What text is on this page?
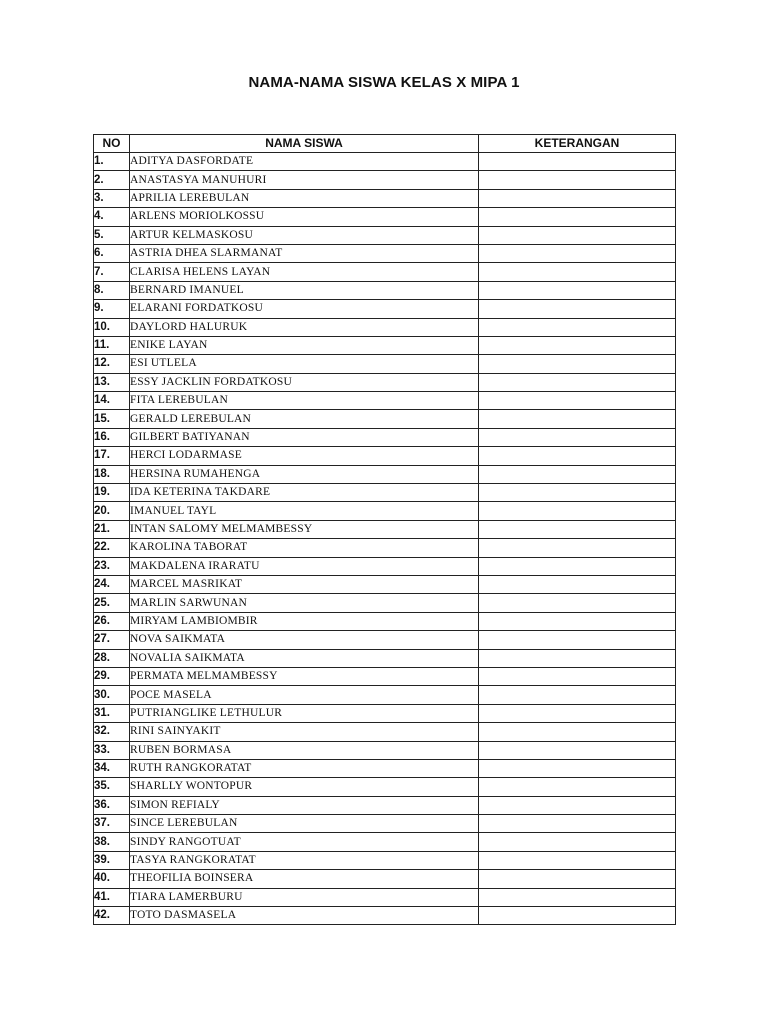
NAMA-NAMA SISWA KELAS X MIPA 1
NO	NAMA SISWA	KETERANGAN
1.	ADITYA DASFORDATE	
2.	ANASTASYA MANUHURI	
3.	APRILIA LEREBULAN	
4.	ARLENS MORIOLKOSSU	
5.	ARTUR KELMASKOSU	
6.	ASTRIA DHEA SLARMANAT	
7.	CLARISA HELENS LAYAN	
8.	BERNARD IMANUEL	
9.	ELARANI FORDATKOSU	
10.	DAYLORD HALURUK	
11.	ENIKE LAYAN	
12.	ESI UTLELA	
13.	ESSY JACKLIN FORDATKOSU	
14.	FITA LEREBULAN	
15.	GERALD LEREBULAN	
16.	GILBERT BATIYANAN	
17.	HERCI LODARMASE	
18.	HERSINA RUMAHENGA	
19.	IDA KETERINA TAKDARE	
20.	IMANUEL TAYL	
21.	INTAN SALOMY MELMAMBESSY	
22.	KAROLINA TABORAT	
23.	MAKDALENA IRARATU	
24.	MARCEL MASRIKAT	
25.	MARLIN SARWUNAN	
26.	MIRYAM LAMBIOMBIR	
27.	NOVA SAIKMATA	
28.	NOVALIA SAIKMATA	
29.	PERMATA MELMAMBESSY	
30.	POCE MASELA	
31.	PUTRIANGLIKE LETHULUR	
32.	RINI SAINYAKIT	
33.	RUBEN BORMASA	
34.	RUTH RANGKORATAT	
35.	SHARLLY WONTOPUR	
36.	SIMON REFIALY	
37.	SINCE LEREBULAN	
38.	SINDY RANGOTUAT	
39.	TASYA RANGKORATAT	
40.	THEOFILIA BOINSERA	
41.	TIARA LAMERBURU	
42.	TOTO DASMASELA	
